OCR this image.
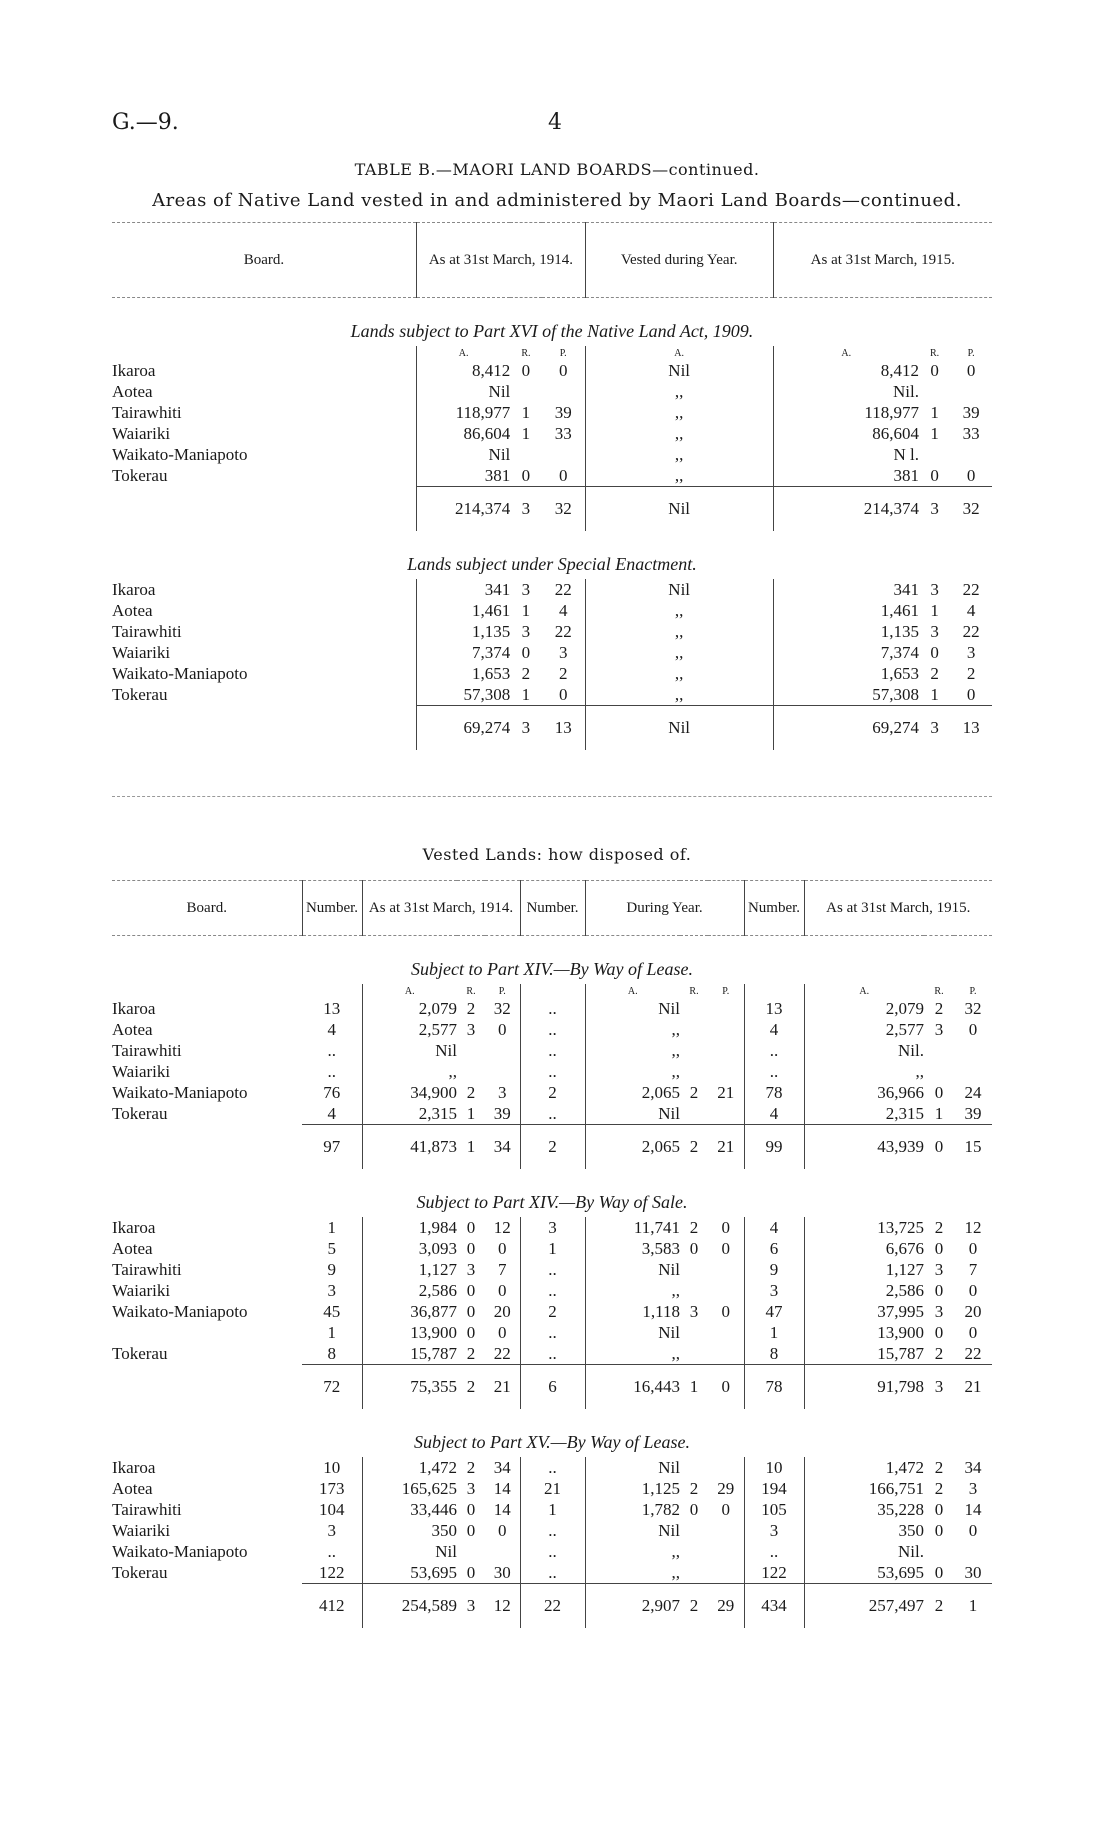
G.—9.	4
TABLE B.—MAORI LAND BOARDS—continued.
Areas of Native Land vested in and administered by Maori Land Boards—continued.
Board.	As at 31st March, 1914.			Vested during Year.	As at 31st March, 1915.		
Lands subject to Part XVI of the Native Land Act, 1909.							
	A.	R.	P.	A.	A.	R.	P.
Ikaroa	8,412	0	0	Nil	8,412	0	0
Aotea	Nil			,,	Nil.		
Tairawhiti	118,977	1	39	,,	118,977	1	39
Waiariki	86,604	1	33	,,	86,604	1	33
Waikato-Maniapoto	Nil			,,	N l.		
Tokerau	381	0	0	,,	381	0	0
	214,374	3	32	Nil	214,374	3	32
Lands subject under Special Enactment.							
Ikaroa	341	3	22	Nil	341	3	22
Aotea	1,461	1	4	,,	1,461	1	4
Tairawhiti	1,135	3	22	,,	1,135	3	22
Waiariki	7,374	0	3	,,	7,374	0	3
Waikato-Maniapoto	1,653	2	2	,,	1,653	2	2
Tokerau	57,308	1	0	,,	57,308	1	0
	69,274	3	13	Nil	69,274	3	13
Vested Lands: how disposed of.
Board.	Number.	As at 31st March, 1914.			Number.	During Year.			Number.	As at 31st March, 1915.		
Subject to Part XIV.—By Way of Lease.												
		A.	R.	P.		A.	R.	P.		A.	R.	P.
Ikaroa	13	2,079	2	32	..	Nil			13	2,079	2	32
Aotea	4	2,577	3	0	..	,,			4	2,577	3	0
Tairawhiti	..	Nil			..	,,			..	Nil.		
Waiariki	..	,,			..	,,			..	,,		
Waikato-Maniapoto	76	34,900	2	3	2	2,065	2	21	78	36,966	0	24
Tokerau	4	2,315	1	39	..	Nil			4	2,315	1	39
	97	41,873	1	34	2	2,065	2	21	99	43,939	0	15
Subject to Part XIV.—By Way of Sale.												
Ikaroa	1	1,984	0	12	3	11,741	2	0	4	13,725	2	12
Aotea	5	3,093	0	0	1	3,583	0	0	6	6,676	0	0
Tairawhiti	9	1,127	3	7	..	Nil			9	1,127	3	7
Waiariki	3	2,586	0	0	..	,,			3	2,586	0	0
Waikato-Maniapoto	45	36,877	0	20	2	1,118	3	0	47	37,995	3	20
	1	13,900	0	0	..	Nil			1	13,900	0	0
Tokerau	8	15,787	2	22	..	,,			8	15,787	2	22
	72	75,355	2	21	6	16,443	1	0	78	91,798	3	21
Subject to Part XV.—By Way of Lease.												
Ikaroa	10	1,472	2	34	..	Nil			10	1,472	2	34
Aotea	173	165,625	3	14	21	1,125	2	29	194	166,751	2	3
Tairawhiti	104	33,446	0	14	1	1,782	0	0	105	35,228	0	14
Waiariki	3	350	0	0	..	Nil			3	350	0	0
Waikato-Maniapoto	..	Nil			..	,,			..	Nil.		
Tokerau	122	53,695	0	30	..	,,			122	53,695	0	30
	412	254,589	3	12	22	2,907	2	29	434	257,497	2	1
